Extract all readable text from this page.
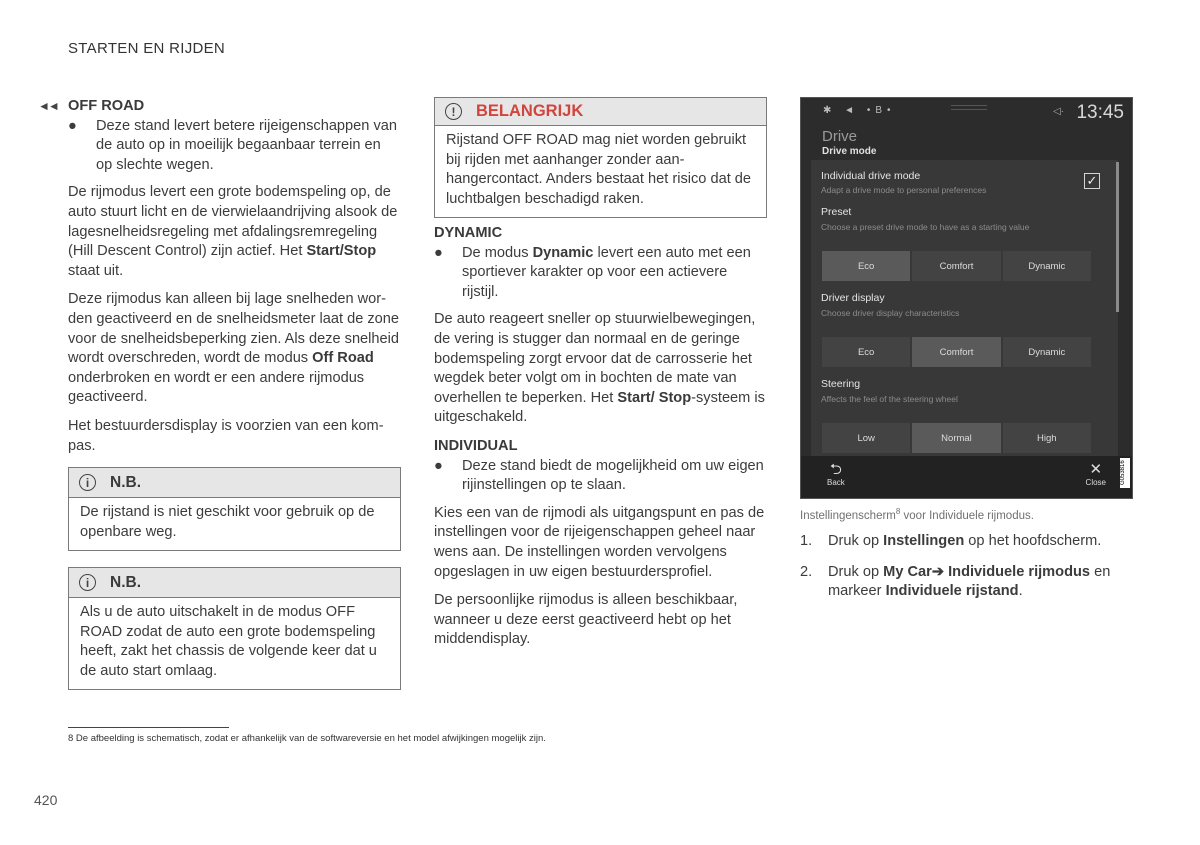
STARTEN EN RIJDEN
◄◄ OFF ROAD
● Deze stand levert betere rijeigenschappen van de auto op in moeilijk begaanbaar terrein en op slechte wegen.

De rijmodus levert een grote bodemspeling op, de auto stuurt licht en de vierwielaandrijving alsook de lagesnelheidsregeling met afdalingsremregeling (Hill Descent Control) zijn actief. Het Start/Stop staat uit.

Deze rijmodus kan alleen bij lage snelheden worden geactiveerd en de snelheidsmeter laat de zone voor de snelheidsbeperking zien. Als deze snelheid wordt overschreden, wordt de modus Off Road onderbroken en wordt er een andere rijmodus geactiveerd.

Het bestuurdersdisplay is voorzien van een kompas.

i	N.B.
De rijstand is niet geschikt voor gebruik op de openbare weg.
i	N.B.
Als u de auto uitschakelt in de modus OFF ROAD zodat de auto een grote bodemspeling heeft, zakt het chassis de volgende keer dat u de auto start omlaag.
!	BELANGRIJK
Rijstand OFF ROAD mag niet worden gebruikt bij rijden met aanhanger zonder aanhangercontact. Anders bestaat het risico dat de luchtbalgen beschadigd raken.
DYNAMIC
● De modus Dynamic levert een auto met een sportiever karakter op voor een actievere rijstijl.

De auto reageert sneller op stuurwielbewegingen, de vering is stugger dan normaal en de geringe bodemspeling zorgt ervoor dat de carrosserie het wegdek beter volgt om in bochten de mate van overhellen te beperken. Het Start/ Stop-systeem is uitgeschakeld.

INDIVIDUAL
● Deze stand biedt de mogelijkheid om uw eigen rijinstellingen op te slaan.

Kies een van de rijmodi als uitgangspunt en pas de instellingen voor de rijeigenschappen geheel naar wens aan. De instellingen worden vervolgens opgeslagen in uw eigen bestuurdersprofiel.

De persoonlijke rijmodus is alleen beschikbaar, wanneer u deze eerst geactiveerd hebt op het middendisplay.

✱ ◄ •B•	◁· 13:45
Drive
Drive mode
Individual drive mode
Adapt a drive mode to personal preferences
✓
Preset
Choose a preset drive mode to have as a starting value
Eco	Comfort	Dynamic
Driver display
Choose driver display characteristics
Eco	Comfort	Dynamic
Steering
Affects the feel of the steering wheel
Low	Normal	High
⮌
Back
✕
Close G053816
Instellingenscherm$^8$ voor Individuele rijmodus.
1. Druk op Instellingen op het hoofdscherm.
2. Druk op My Car➔ Individuele rijmodus en markeer Individuele rijstand.
8 De afbeelding is schematisch, zodat er afhankelijk van de softwareversie en het model afwijkingen mogelijk zijn.
420
